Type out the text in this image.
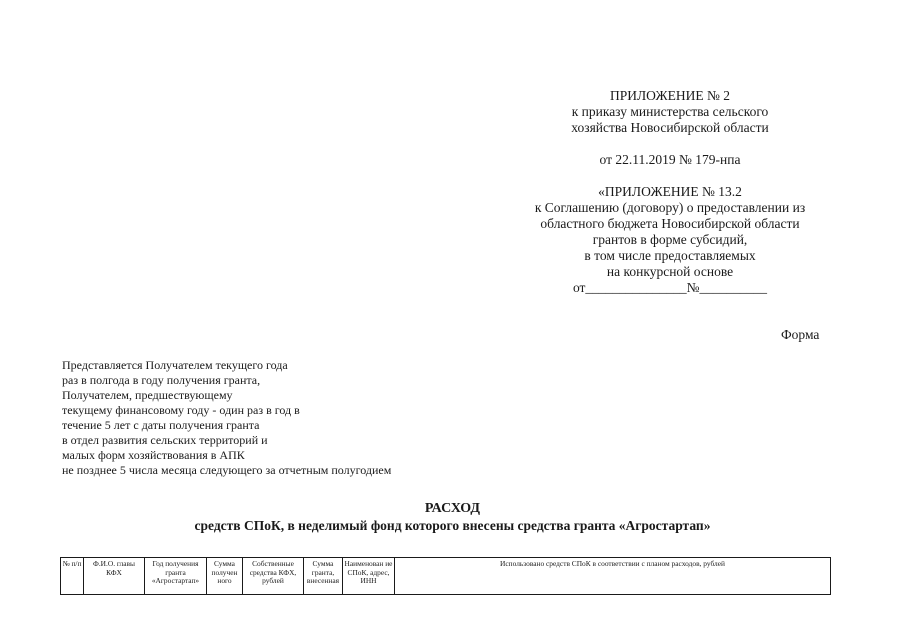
ПРИЛОЖЕНИЕ № 2
к приказу министерства сельского
хозяйства Новосибирской области
от 22.11.2019 № 179-нпа
«ПРИЛОЖЕНИЕ № 13.2
к Соглашению (договору) о предоставлении из
областного бюджета Новосибирской области
грантов в форме субсидий,
в том числе предоставляемых
на конкурсной основе
от_______________№__________
Форма
Представляется Получателем текущего года
раз в полгода в году получения гранта,
Получателем, предшествующему
текущему финансовому году - один раз в год в
течение 5 лет с даты получения гранта
в отдел развития сельских территорий и
малых форм хозяйствования в АПК
не позднее 5 числа месяца следующего за отчетным полугодием
РАСХОД
средств СПоК, в неделимый фонд которого внесены средства гранта «Агростартап»
№ п/п	Ф.И.О. главы КФХ	Год получения гранта «Агростартап»	Сумма получен ного	Собственные средства КФХ, рублей	Сумма гранта, внесенная	Наименован ие СПоК, адрес, ИНН	Использовано средств СПоК в соответствии с планом расходов, рублей
